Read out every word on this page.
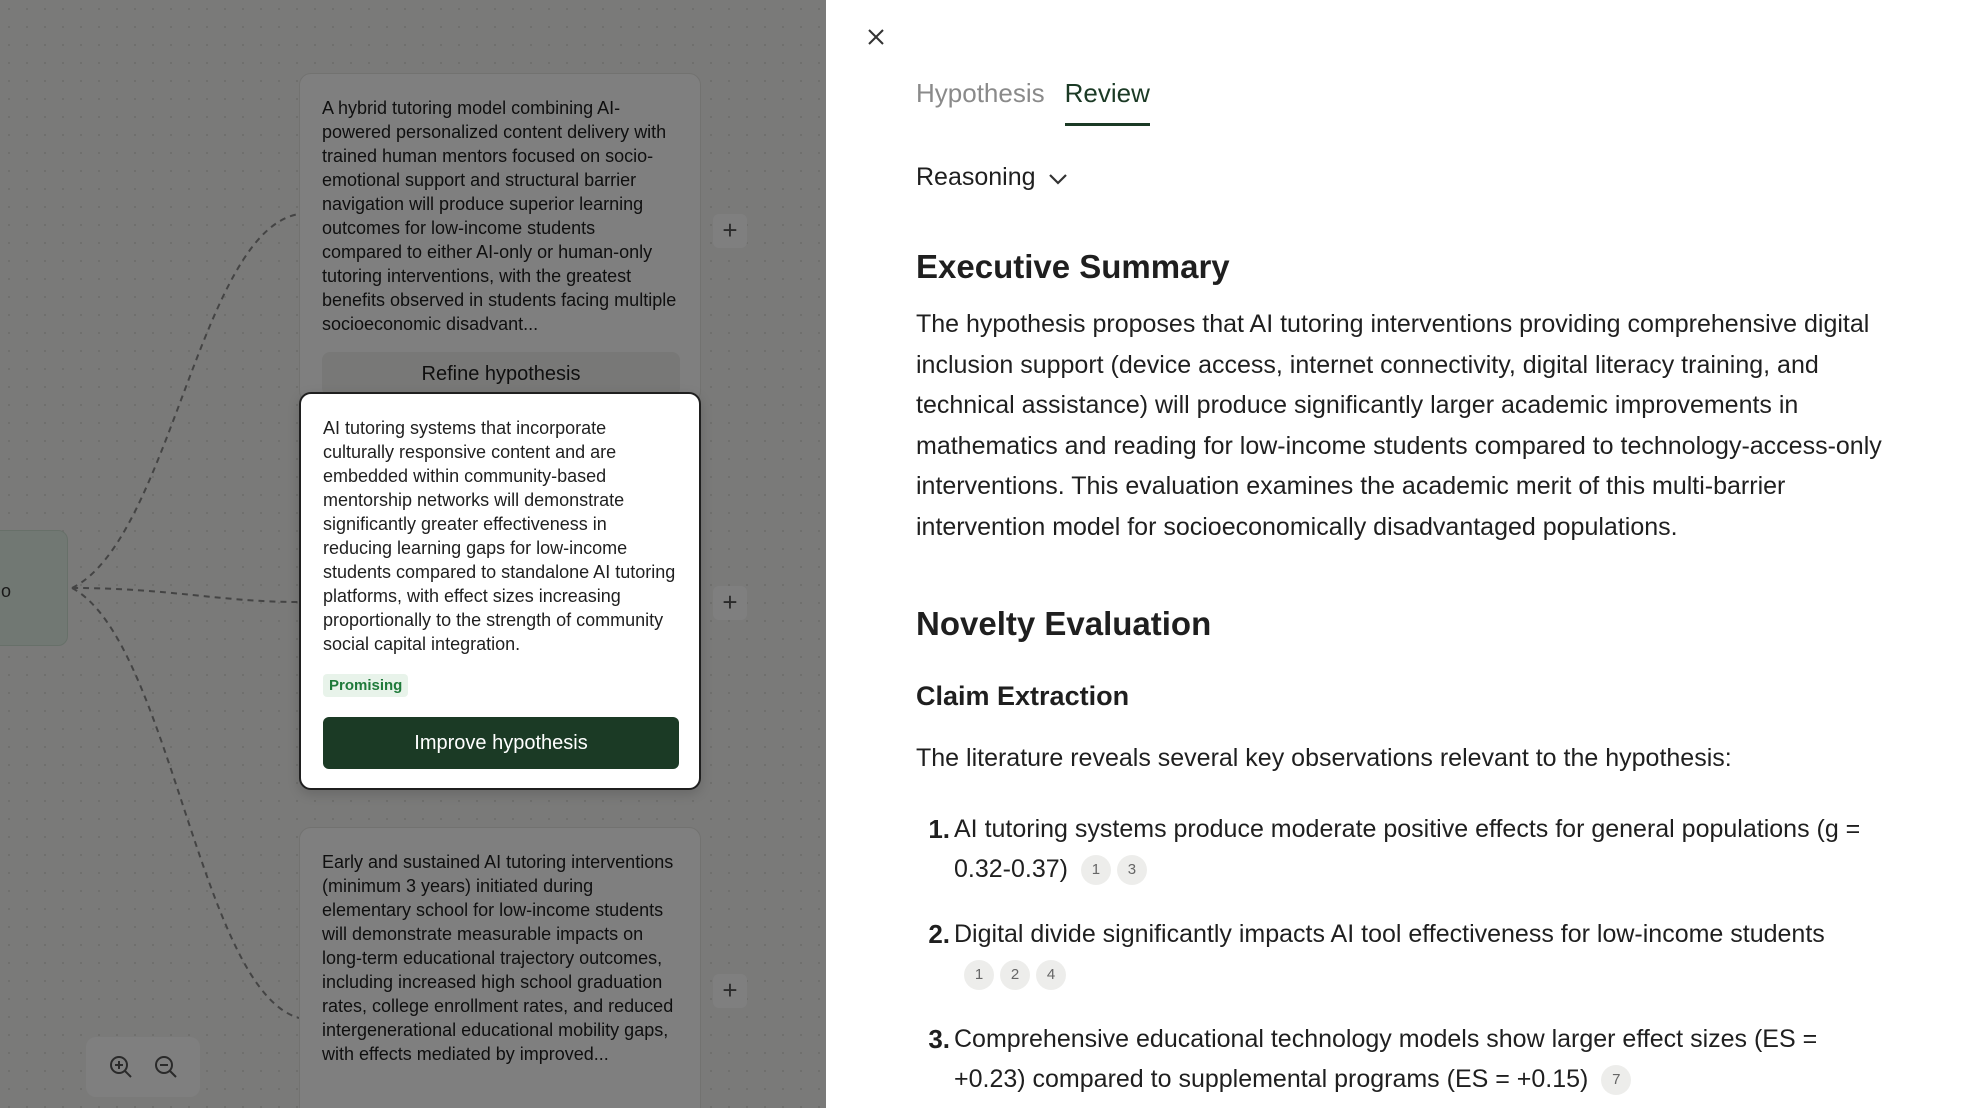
AI tutoring systems that incorporate culturally responsive content and are embedded within community-based mentorship networks will demonstrate significantly greater effectiveness in reducing learning gaps for low-income students compared to standalone AI tutoring platforms, with effect sizes increasing proportionally to the strength of community social capital integration.
Promising
Improve hypothesis
Hypothesis Review
Reasoning
Executive Summary
The hypothesis proposes that AI tutoring interventions providing comprehensive digital inclusion support (device access, internet connectivity, digital literacy training, and technical assistance) will produce significantly larger academic improvements in mathematics and reading for low-income students compared to technology-access-only interventions. This evaluation examines the academic merit of this multi-barrier intervention model for socioeconomically disadvantaged populations.
Novelty Evaluation
Claim Extraction
The literature reveals several key observations relevant to the hypothesis:
1. AI tutoring systems produce moderate positive effects for general populations (g = 0.32-0.37) 1 3
2. Digital divide significantly impacts AI tool effectiveness for low-income students
1 2 4
3. Comprehensive educational technology models show larger effect sizes (ES = +0.23) compared to supplemental programs (ES = +0.15) 7
